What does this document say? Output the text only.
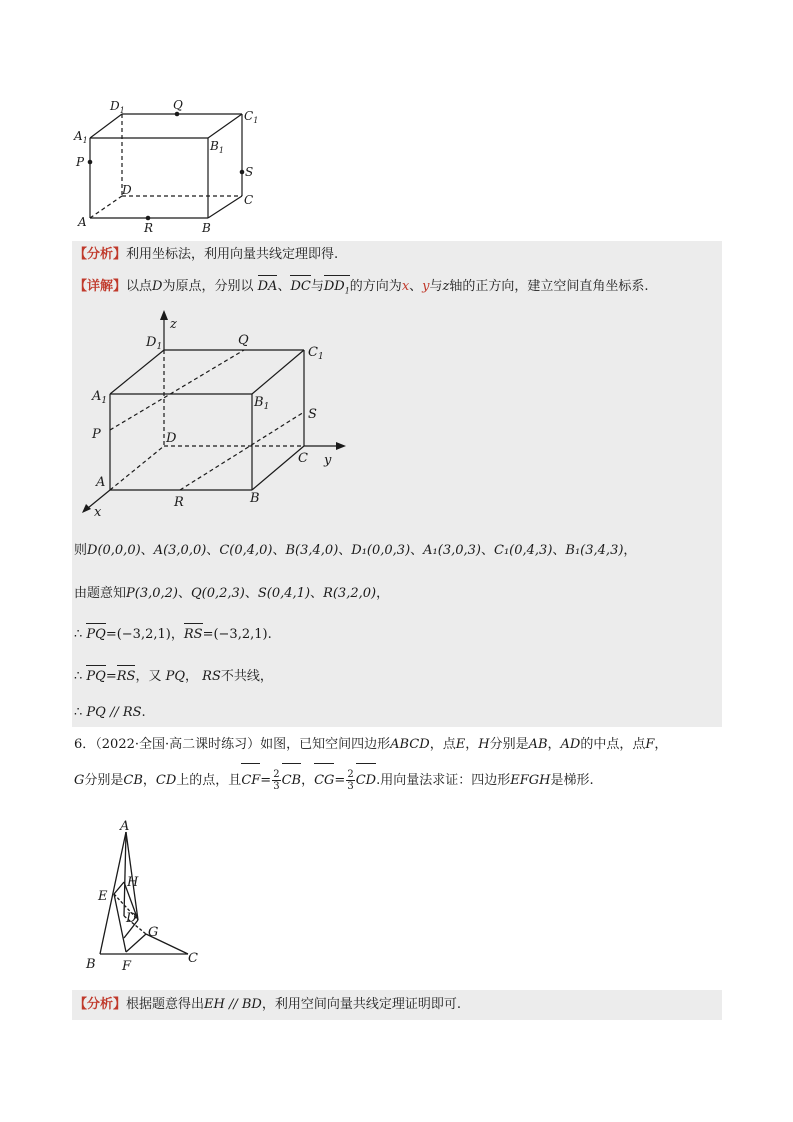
$D_1$	Q
$C_1$
$A_1$	$B_1$
P
S
D
C
A	R	B
【分析】利用坐标法，利用向量共线定理即得.
【详解】以点D为原点，分别以 DA、DC与$DD_1$的方向为x、y与z轴的正方向，建立空间直角坐标系.
z
y
x
$D_1$	Q
$C_1$
$A_1$	$B_1$	S
P	D
C
A
R	B
则D(0,0,0)、A(3,0,0)、C(0,4,0)、B(3,4,0)、D₁(0,0,3)、A₁(3,0,3)、C₁(0,4,3)、B₁(3,4,3)，
由题意知P(3,0,2)、Q(0,2,3)、S(0,4,1)、R(3,2,0)，
∴ PQ=(−3,2,1)，RS=(−3,2,1).
∴ PQ=RS，又 PQ， RS不共线，
∴ PQ // RS.
6．（2022·全国·高二课时练习）如图，已知空间四边形ABCD，点E，H分别是AB，AD的中点，点F，
G分别是CB，CD上的点，且$CF= \frac{2}{3}$ CB，$CG= \frac{2}{3}$ CD.用向量法求证：四边形EFGH是梯形.
A
H
E
D
G
B F
C
【分析】根据题意得出EH // BD，利用空间向量共线定理证明即可.
